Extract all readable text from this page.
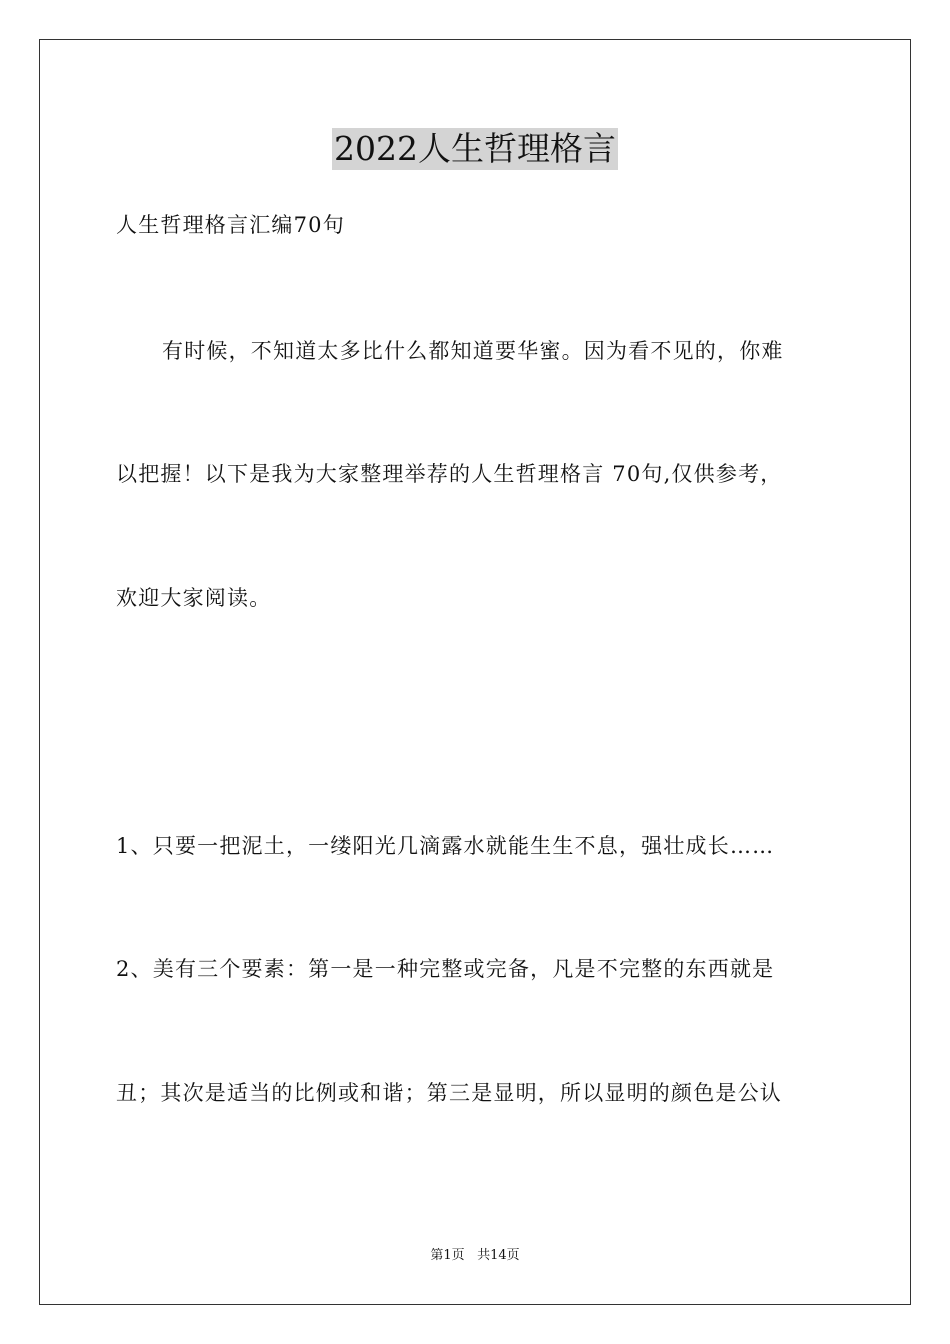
2022人生哲理格言
人生哲理格言汇编70句
有时候，不知道太多比什么都知道要华蜜。因为看不见的，你难
以把握！以下是我为大家整理举荐的人生哲理格言 70句,仅供参考，
欢迎大家阅读。
1、只要一把泥土，一缕阳光几滴露水就能生生不息，强壮成长……
2、美有三个要素：第一是一种完整或完备，凡是不完整的东西就是
丑；其次是适当的比例或和谐；第三是显明，所以显明的颜色是公认
第1页 共14页
